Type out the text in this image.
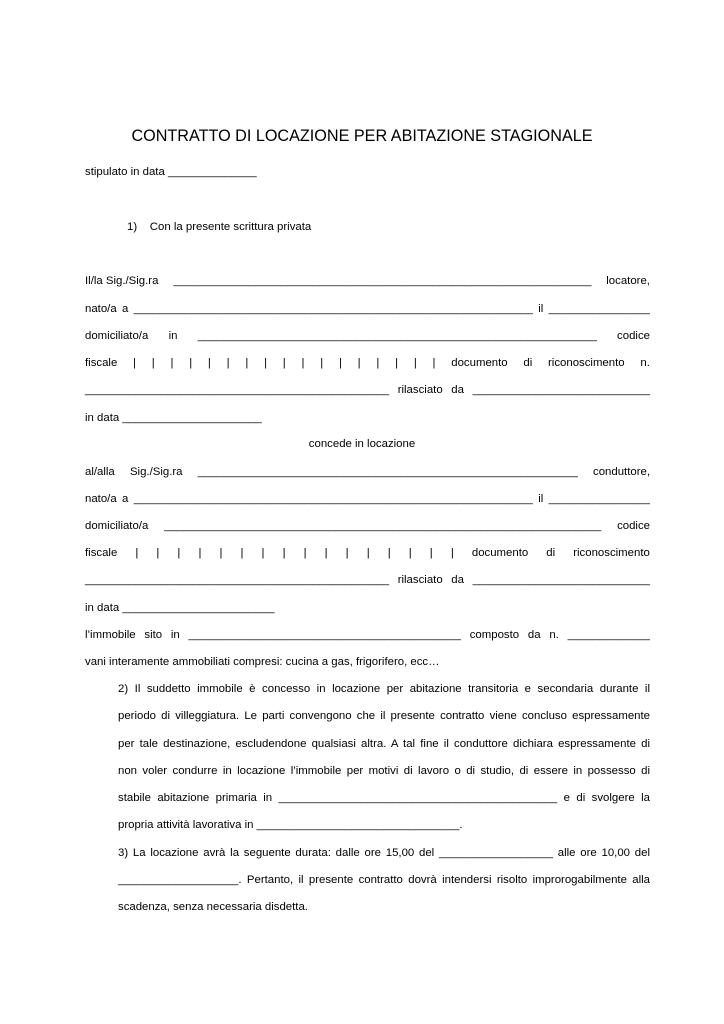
CONTRATTO DI LOCAZIONE PER ABITAZIONE STAGIONALE
stipulato in data ______________
1)    Con la presente scrittura privata
Il/la Sig./Sig.ra __________________________________________________________________ locatore,
nato/a a _______________________________________________________________ il ________________
domiciliato/a in _______________________________________________________________ codice
fiscale | | | | | | | | | | | | | | | | | documento di riconoscimento n.
________________________________________________ rilasciato da ____________________________
in data ______________________
concede in locazione
al/alla Sig./Sig.ra ____________________________________________________________ conduttore,
nato/a a _______________________________________________________________ il ________________
domiciliato/a _____________________________________________________________________ codice
fiscale | | | | | | | | | | | | | | | | documento di riconoscimento
________________________________________________ rilasciato da ____________________________
in data ________________________
l’immobile sito in ___________________________________________ composto da n. _____________
vani interamente ammobiliati compresi: cucina a gas, frigorifero, ecc…
2) Il suddetto immobile è concesso in locazione per abitazione transitoria e secondaria durante il
periodo di villeggiatura. Le parti convengono che il presente contratto viene concluso espressamente
per tale destinazione, escludendone qualsiasi altra. A tal fine il conduttore dichiara espressamente di
non voler condurre in locazione l’immobile per motivi di lavoro o di studio, di essere in possesso di
stabile abitazione primaria in ____________________________________________ e di svolgere la
propria attività lavorativa in ________________________________.
3) La locazione avrà la seguente durata: dalle ore 15,00 del __________________ alle ore 10,00 del
___________________. Pertanto, il presente contratto dovrà intendersi risolto improrogabilmente alla
scadenza, senza necessaria disdetta.
